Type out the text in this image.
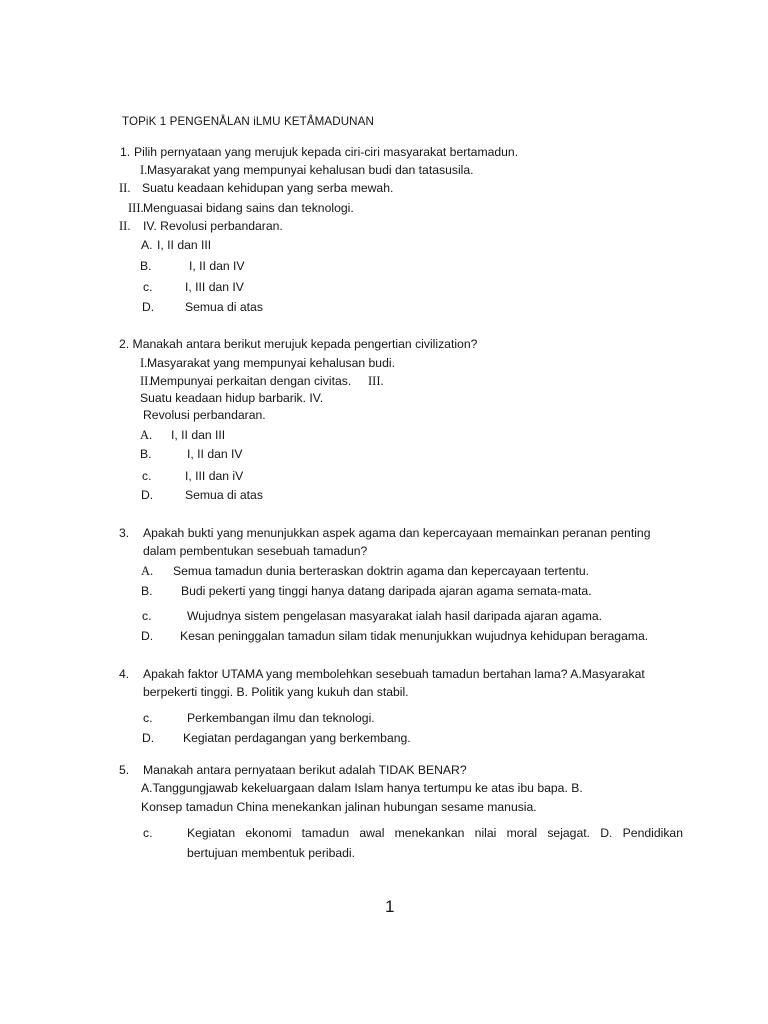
TOPiK 1 PENGENÅLAN iLMU KETÅMADUNAN
1. Pilih pernyataan yang merujuk kepada ciri-ciri masyarakat bertamadun.
I. Masyarakat yang mempunyai kehalusan budi dan tatasusila.
II. Suatu keadaan kehidupan yang serba mewah.
III. Menguasai bidang sains dan teknologi.
II. IV. Revolusi perbandaran.
A. I, II dan III
B.	I, II dan IV
c.	I, III dan IV
D.	Semua di atas
2. Manakah antara berikut merujuk kepada pengertian civilization?
I. Masyarakat yang mempunyai kehalusan budi.
II.
Mempunyai perkaitan dengan civitas. III.
Suatu keadaan hidup barbarik. IV.
Revolusi perbandaran.
A. I, II dan III
B.	I, II dan IV
c.	I, III dan iV
D.	Semua di atas
3. Apakah bukti yang menunjukkan aspek agama dan kepercayaan memainkan peranan penting
dalam pembentukan sesebuah tamadun?
A. Semua tamadun dunia berteraskan doktrin agama dan kepercayaan tertentu.
B. Budi pekerti yang tinggi hanya datang daripada ajaran agama semata-mata.
c.	Wujudnya sistem pengelasan masyarakat ialah hasil daripada ajaran agama.
D. Kesan peninggalan tamadun silam tidak menunjukkan wujudnya kehidupan beragama.
4. Apakah faktor UTAMA yang membolehkan sesebuah tamadun bertahan lama? A.Masyarakat
berpekerti tinggi. B. Politik yang kukuh dan stabil.
c.	Perkembangan ilmu dan teknologi.
D. Kegiatan perdagangan yang berkembang.
5. Manakah antara pernyataan berikut adalah TIDAK BENAR?
A.Tanggungjawab kekeluargaan dalam Islam hanya tertumpu ke atas ibu bapa. B.
Konsep tamadun China menekankan jalinan hubungan sesame manusia.
c.	Kegiatan ekonomi tamadun awal menekankan nilai moral sejagat. D. Pendidikan
bertujuan membentuk peribadi.
1
